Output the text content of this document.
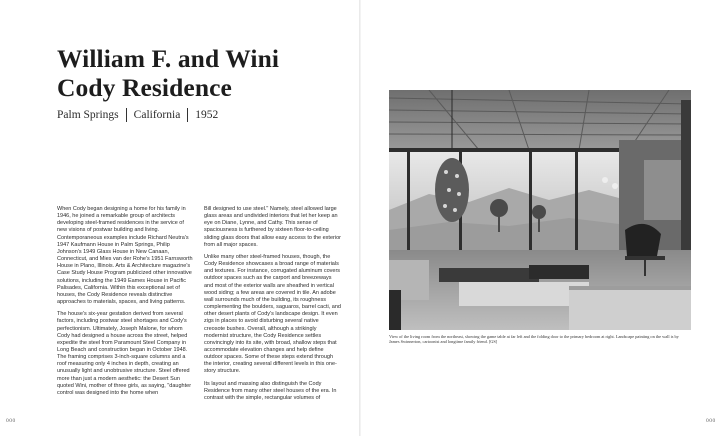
William F. and Wini
Cody Residence
Palm Springs California 1952

When Cody began designing a home for his family in 1946, he joined a remarkable group of architects developing steel-framed residences in the service of new visions of postwar building and living. Contemporaneous examples include Richard Neutra's 1947 Kaufmann House in Palm Springs, Philip Johnson's 1949 Glass House in New Canaan, Connecticut, and Mies van der Rohe's 1951 Farnsworth House in Plano, Illinois. Arts & Architecture magazine's Case Study House Program publicized other innovative solutions, including the 1949 Eames House in Pacific Palisades, California. Within this exceptional set of houses, the Cody Residence reveals distinctive approaches to materials, spaces, and living patterns.

The house's six-year gestation derived from several factors, including postwar steel shortages and Cody's perfectionism. Ultimately, Joseph Malone, for whom Cody had designed a house across the street, helped expedite the steel from Paramount Steel Company in Long Beach and construction began in October 1948. The framing comprises 3-inch-square columns and a roof measuring only 4 inches in depth, creating an unusually light and unobtrusive structure. Steel offered more than just a modern aesthetic: the Desert Sun quoted Wini, mother of three girls, as saying, "daughter control was designed into the home when

Bill designed to use steel." Namely, steel allowed large glass areas and undivided interiors that let her keep an eye on Diane, Lynne, and Cathy. This sense of spaciousness is furthered by sixteen floor-to-ceiling sliding glass doors that allow easy access to the exterior from all major spaces.

Unlike many other steel-framed houses, though, the Cody Residence showcases a broad range of materials and textures. For instance, corrugated aluminum covers outdoor spaces such as the carport and breezeways and most of the exterior walls are sheathed in vertical wood siding; a few areas are covered in tile. An adobe wall surrounds much of the building, its roughness complementing the boulders, saguaros, barrel cacti, and other desert plants of Cody's landscape design. It even zigs in places to avoid disturbing several native creosote bushes. Overall, although a strikingly modernist structure, the Cody Residence settles convincingly into its site, with broad, shallow steps that accommodate elevation changes and help define outdoor spaces. Some of these steps extend through the interior, creating several different levels in this one-story structure.

Its layout and massing also distinguish the Cody Residence from many other steel houses of the era. In contrast with the simple, rectangular volumes of

000
View of the living room from the northeast, showing the game table at far left and the folding door to the primary bedroom at right. Landscape painting on the wall is by James Swinnerton, cartoonist and longtime family friend. [GS]
000
